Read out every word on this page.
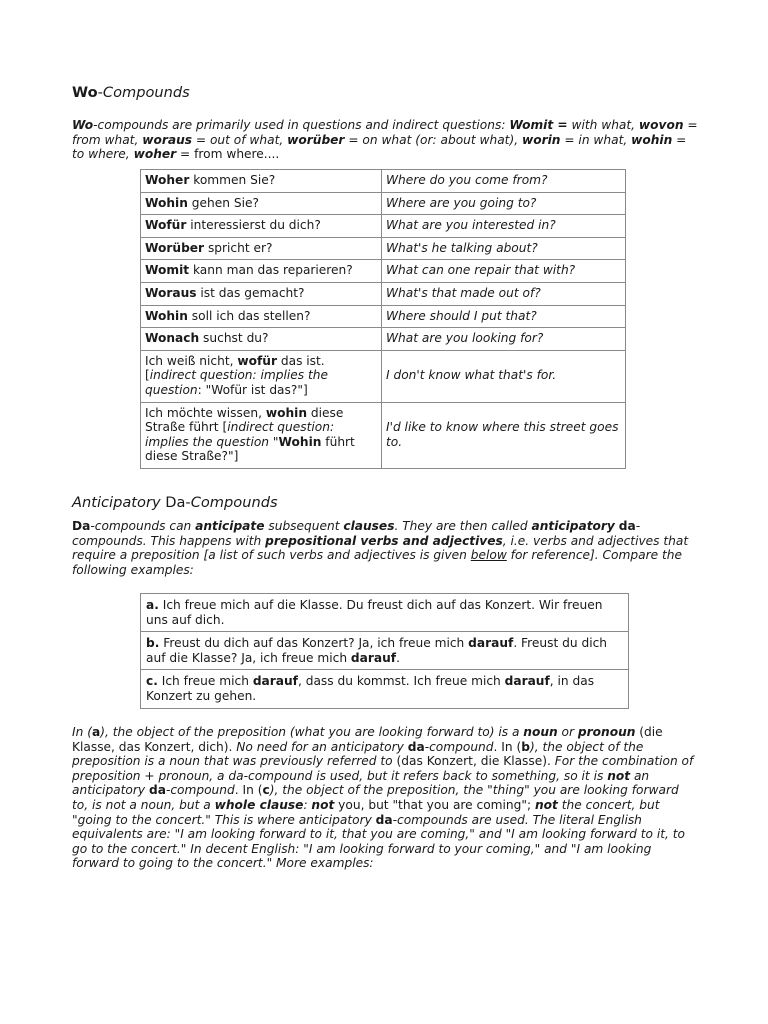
Wo-Compounds

Wo-compounds are primarily used in questions and indirect questions: Womit = with what, wovon = from what, woraus = out of what, worüber = on what (or: about what), worin = in what, wohin = to where, woher = from where....

Woher kommen Sie?	Where do you come from?
Wohin gehen Sie?	Where are you going to?
Wofür interessierst du dich?	What are you interested in?
Worüber spricht er?	What's he talking about?
Womit kann man das reparieren?	What can one repair that with?
Woraus ist das gemacht?	What's that made out of?
Wohin soll ich das stellen?	Where should I put that?
Wonach suchst du?	What are you looking for?
Ich weiß nicht, wofür das ist. [indirect question: implies the question: "Wofür ist das?"]	I don't know what that's for.
Ich möchte wissen, wohin diese Straße führt [indirect question: implies the question "Wohin führt diese Straße?"]	I'd like to know where this street goes to.
Anticipatory Da-Compounds

Da-compounds can anticipate subsequent clauses. They are then called anticipatory da-compounds. This happens with prepositional verbs and adjectives, i.e. verbs and adjectives that require a preposition [a list of such verbs and adjectives is given below for reference]. Compare the following examples:

a. Ich freue mich auf die Klasse. Du freust dich auf das Konzert. Wir freuen uns auf dich.
b. Freust du dich auf das Konzert? Ja, ich freue mich darauf. Freust du dich auf die Klasse? Ja, ich freue mich darauf.
c. Ich freue mich darauf, dass du kommst. Ich freue mich darauf, in das Konzert zu gehen.

In (a), the object of the preposition (what you are looking forward to) is a noun or pronoun (die Klasse, das Konzert, dich). No need for an anticipatory da-compound. In (b), the object of the preposition is a noun that was previously referred to (das Konzert, die Klasse). For the combination of preposition + pronoun, a da-compound is used, but it refers back to something, so it is not an anticipatory da-compound. In (c), the object of the preposition, the "thing" you are looking forward to, is not a noun, but a whole clause: not you, but "that you are coming"; not the concert, but "going to the concert." This is where anticipatory da-compounds are used. The literal English equivalents are: "I am looking forward to it, that you are coming," and "I am looking forward to it, to go to the concert." In decent English: "I am looking forward to your coming," and "I am looking forward to going to the concert." More examples:
